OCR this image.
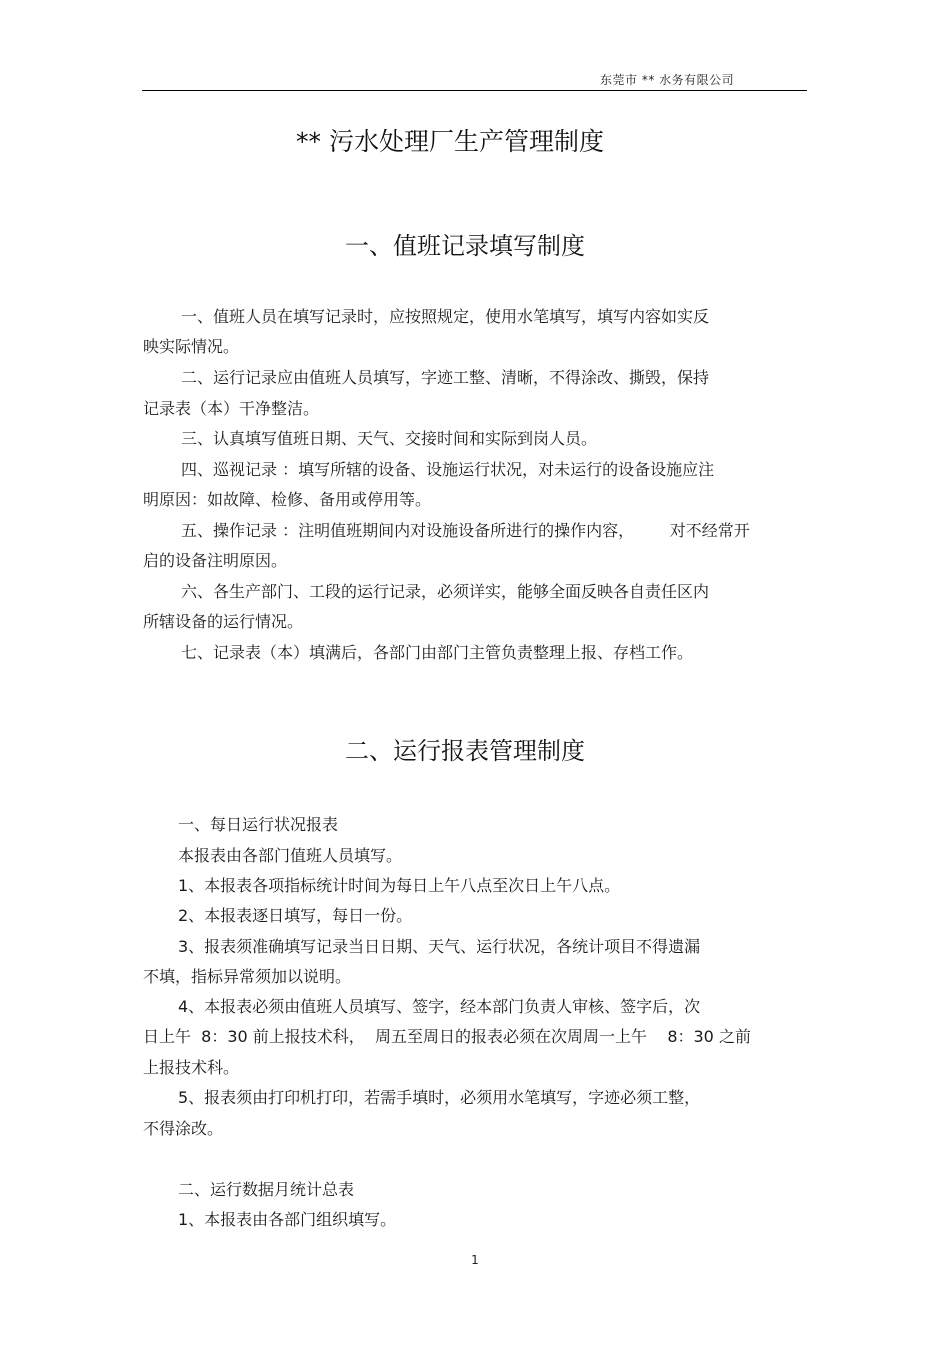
东莞市 ** 水务有限公司
** 污水处理厂生产管理制度
一、值班记录填写制度

一、值班人员在填写记录时，应按照规定，使用水笔填写，填写内容如实反

映实际情况。

二、运行记录应由值班人员填写，字迹工整、清晰，不得涂改、撕毁，保持

记录表（本）干净整洁。

三、认真填写值班日期、天气、交接时间和实际到岗人员。

四、巡视记录 ：填写所辖的设备、设施运行状况，对未运行的设备设施应注

明原因：如故障、检修、备用或停用等。

五、操作记录 ：注明值班期间内对设施设备所进行的操作内容，       对不经常开

启的设备注明原因。

六、各生产部门、工段的运行记录，必须详实，能够全面反映各自责任区内

所辖设备的运行情况。

七、记录表（本）填满后，各部门由部门主管负责整理上报、存档工作。

二、运行报表管理制度

一、每日运行状况报表

本报表由各部门值班人员填写。

1、本报表各项指标统计时间为每日上午八点至次日上午八点。

2、本报表逐日填写，每日一份。

3、报表须准确填写记录当日日期、天气、运行状况，各统计项目不得遗漏

不填，指标异常须加以说明。

4、本报表必须由值班人员填写、签字，经本部门负责人审核、签字后，次

日上午  8：30 前上报技术科，  周五至周日的报表必须在次周周一上午    8：30 之前

上报技术科。

5、报表须由打印机打印，若需手填时，必须用水笔填写，字迹必须工整，

不得涂改。

二、运行数据月统计总表

1、本报表由各部门组织填写。

1
